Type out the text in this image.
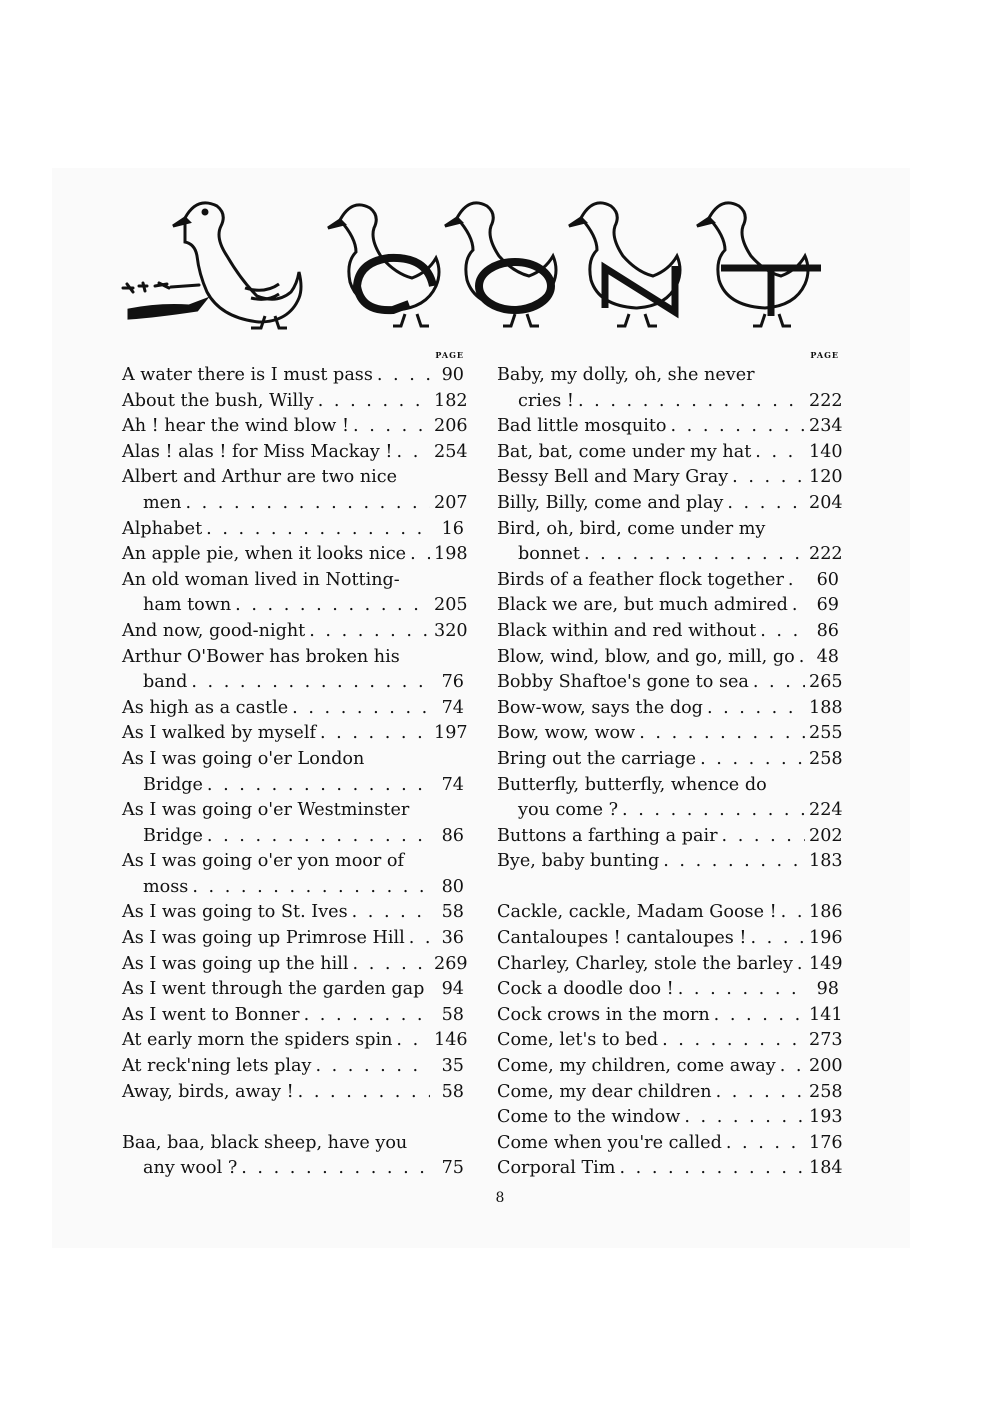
PAGE
A water there is I must pass . . .	90
About the bush, Willy . . .	182
Ah ! hear the wind blow ! . . .	206
Alas ! alas ! for Miss Mackay ! . . . 254
Albert and Arthur are two nice
men . . .	207
Alphabet . . .	16
An apple pie, when it looks nice . . . 198
An old woman lived in Notting-
ham town . . .	205
And now, good-night . . .	320
Arthur O'Bower has broken his
band . . .	76
As high as a castle . . .	74
As I walked by myself . . .	197
As I was going o'er London
Bridge . . .	74
As I was going o'er Westminster
Bridge . . .	86
As I was going o'er yon moor of
moss . . .	80
As I was going to St. Ives . . .	58
As I was going up Primrose Hill . . .	36
As I was going up the hill . . .	269
As I went through the garden gap . . . 94
As I went to Bonner . . .	58
At early morn the spiders spin . . . 146
At reck'ning lets play . . .	35
Away, birds, away ! . . .	58
Baa, baa, black sheep, have you
any wool ? . . .	75
PAGE
Baby, my dolly, oh, she never
cries ! . . .	222
Bad little mosquito . . .	234
Bat, bat, come under my hat . . .	140
Bessy Bell and Mary Gray . . .	120
Billy, Billy, come and play . . .	204
Bird, oh, bird, come under my
bonnet . . .	222
Birds of a feather flock together . . .	60
Black we are, but much admired . . .	69
Black within and red without . . .	86
Blow, wind, blow, and go, mill, go . . .	48
Bobby Shaftoe's gone to sea . . .	265
Bow-wow, says the dog . . .	188
Bow, wow, wow . . .	255
Bring out the carriage . . .	258
Butterfly, butterfly, whence do
you come ? . . .	224
Buttons a farthing a pair . . .	202
Bye, baby bunting . . .	183
Cackle, cackle, Madam Goose ! . . . 186
Cantaloupes ! cantaloupes ! . . .	196
Charley, Charley, stole the barley . . . 149
Cock a doodle doo ! . . .	98
Cock crows in the morn . . .	141
Come, let's to bed . . .	273
Come, my children, come away . . . 200
Come, my dear children . . .	258
Come to the window . . .	193
Come when you're called . . .	176
Corporal Tim . . .	184
8
